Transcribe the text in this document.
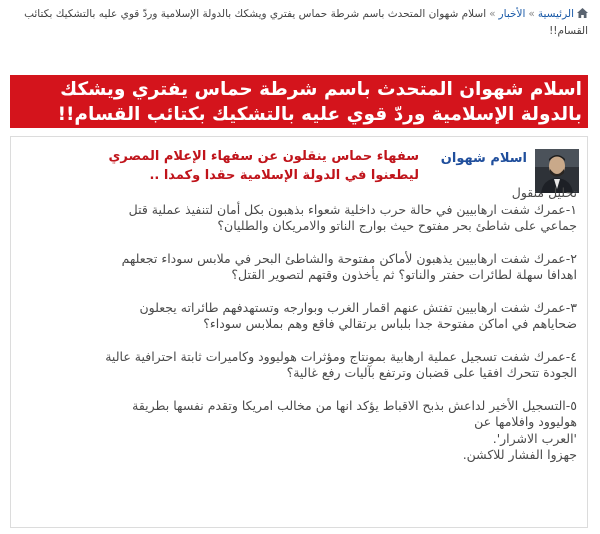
الرئيسية»الأخبار»اسلام شهوان المتحدث باسم شرطة حماس يفتري ويشكك بالدولة الإسلامية وردّ قوي عليه بالتشكيك بكتائب القسام!!
اسلام شهوان المتحدث باسم شرطة حماس يفتري ويشكك بالدولة الإسلامية وردّ قوي عليه بالتشكيك بكتائب القسام!!
اسلام شهوان
سفهاء حماس ينقلون عن سفهاء الإعلام المصري ليطعنوا في الدولة الإسلامية حقدا وكمدا ..

تحليل منقول

١-عمرك شفت ارهابيين في حالة حرب داخلية شعواء بذهبون بكل أمان لتنفيذ عملية قتل جماعي على شاطئ بحر مفتوح حيث بوارج الناتو والامريكان والطليان؟

٢-عمرك شفت ارهابيين يذهبون لأماكن مفتوحة والشاطئ البحر في ملابس سوداء تجعلهم اهدافا سهلة لطائرات حفتر والناتو؟ ثم يأخذون وقتهم لتصوير القتل؟

٣-عمرك شفت ارهابيين تفتش عنهم اقمار الغرب وبوارجه وتستهدفهم طائراته يجعلون ضحاياهم في اماكن مفتوحة جدا بلباس برتقالي فاقع وهم بملابس سوداء؟

٤-عمرك شفت تسجيل عملية ارهابية بمونتاج ومؤثرات هوليوود وكاميرات ثابتة احترافية عالية الجودة تتحرك افقيا على قضبان وترتفع بآليات رفع غالية؟

٥-التسجيل الأخير لداعش بذبح الاقباط يؤكد انها من مخالب امريكا وتقدم نفسها بطريقة هوليوود وافلامها عن

'العرب الاشرار'.

جهزوا الفشار للاكشن.
